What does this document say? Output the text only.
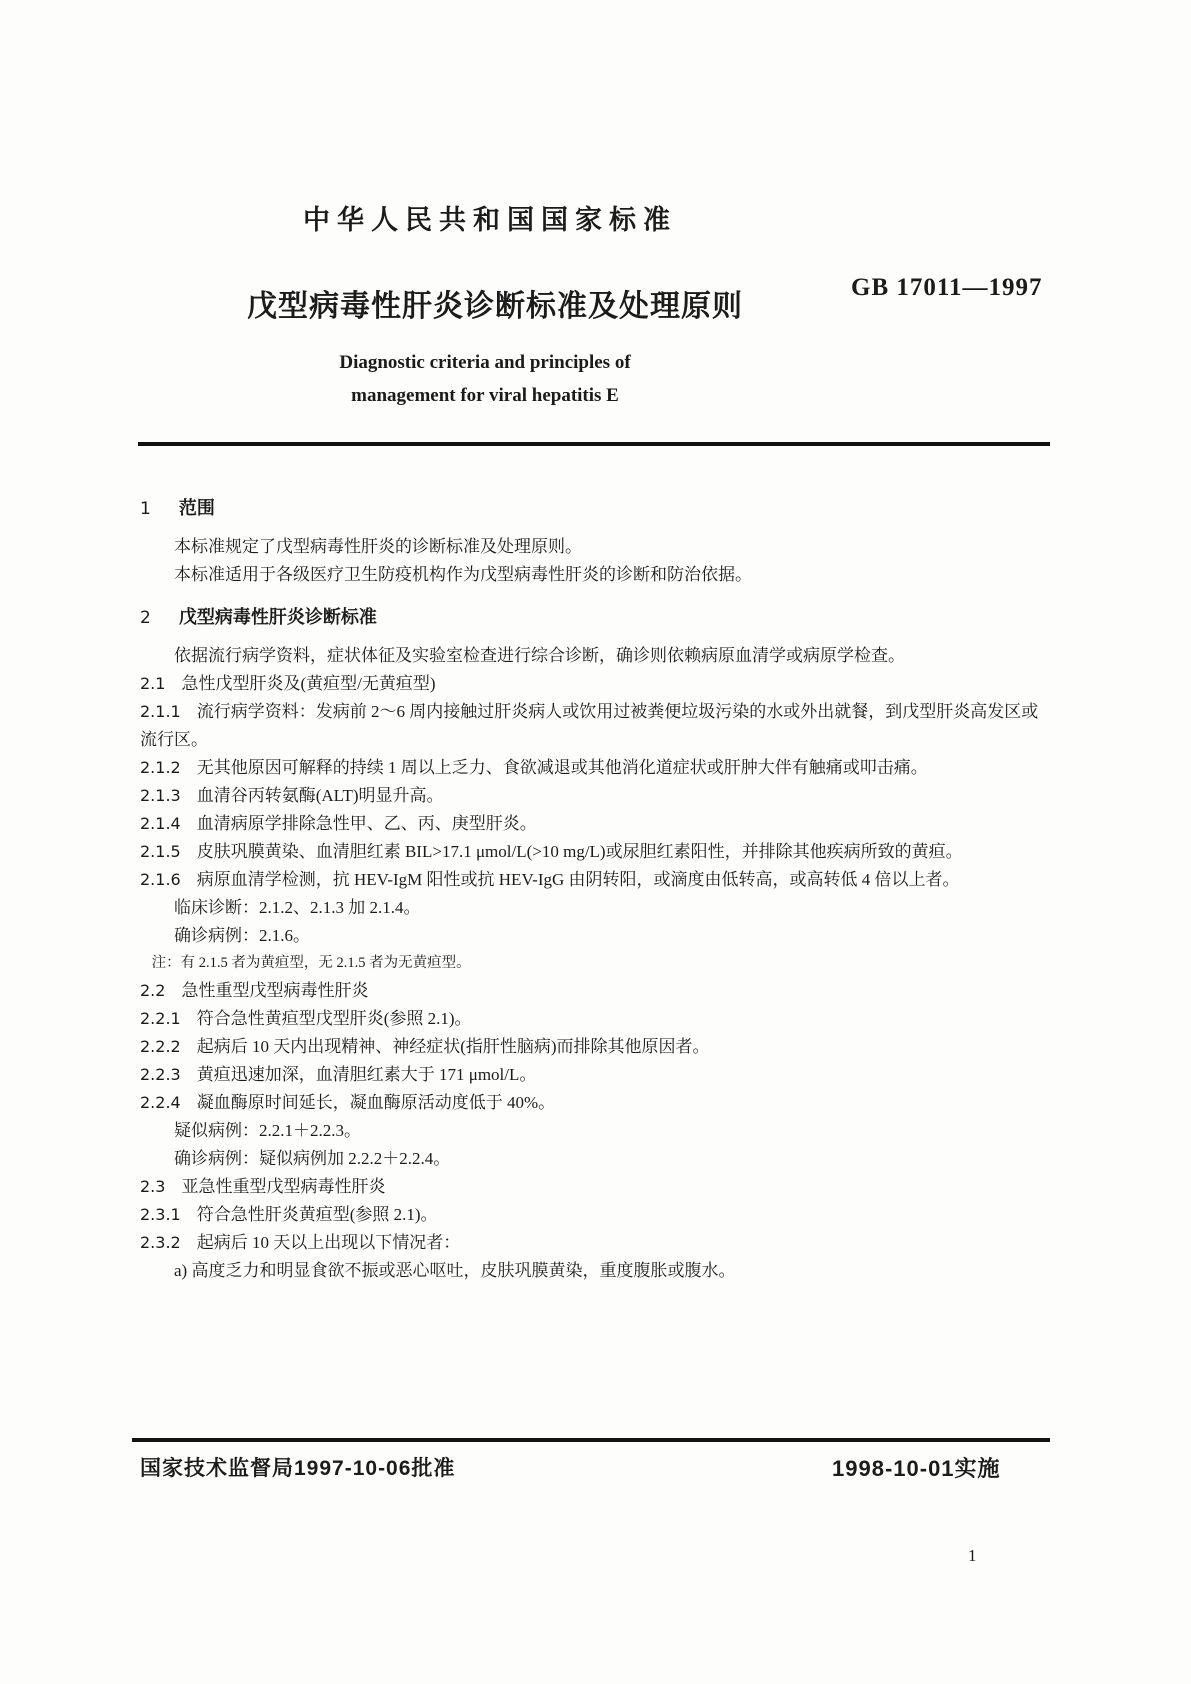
中华人民共和国国家标准
戊型病毒性肝炎诊断标准及处理原则
GB 17011—1997
Diagnostic criteria and principles of
management for viral hepatitis E
1 范围
本标准规定了戊型病毒性肝炎的诊断标准及处理原则。
本标准适用于各级医疗卫生防疫机构作为戊型病毒性肝炎的诊断和防治依据。
2 戊型病毒性肝炎诊断标准
依据流行病学资料，症状体征及实验室检查进行综合诊断，确诊则依赖病原血清学或病原学检查。
2.1 急性戊型肝炎及(黄疸型/无黄疸型)
2.1.1 流行病学资料：发病前 2～6 周内接触过肝炎病人或饮用过被粪便垃圾污染的水或外出就餐，到戊型肝炎高发区或流行区。
2.1.2 无其他原因可解释的持续 1 周以上乏力、食欲减退或其他消化道症状或肝肿大伴有触痛或叩击痛。
2.1.3 血清谷丙转氨酶(ALT)明显升高。
2.1.4 血清病原学排除急性甲、乙、丙、庚型肝炎。
2.1.5 皮肤巩膜黄染、血清胆红素 BIL>17.1 μmol/L(>10 mg/L)或尿胆红素阳性，并排除其他疾病所致的黄疸。
2.1.6 病原血清学检测，抗 HEV-IgM 阳性或抗 HEV-IgG 由阴转阳，或滴度由低转高，或高转低 4 倍以上者。
临床诊断：2.1.2、2.1.3 加 2.1.4。
确诊病例：2.1.6。
注：有 2.1.5 者为黄疸型，无 2.1.5 者为无黄疸型。
2.2 急性重型戊型病毒性肝炎
2.2.1 符合急性黄疸型戊型肝炎(参照 2.1)。
2.2.2 起病后 10 天内出现精神、神经症状(指肝性脑病)而排除其他原因者。
2.2.3 黄疸迅速加深，血清胆红素大于 171 μmol/L。
2.2.4 凝血酶原时间延长，凝血酶原活动度低于 40%。
疑似病例：2.2.1＋2.2.3。
确诊病例：疑似病例加 2.2.2＋2.2.4。
2.3 亚急性重型戊型病毒性肝炎
2.3.1 符合急性肝炎黄疸型(参照 2.1)。
2.3.2 起病后 10 天以上出现以下情况者：
a) 高度乏力和明显食欲不振或恶心呕吐，皮肤巩膜黄染，重度腹胀或腹水。
国家技术监督局1997-10-06批准	1998-10-01实施
1
